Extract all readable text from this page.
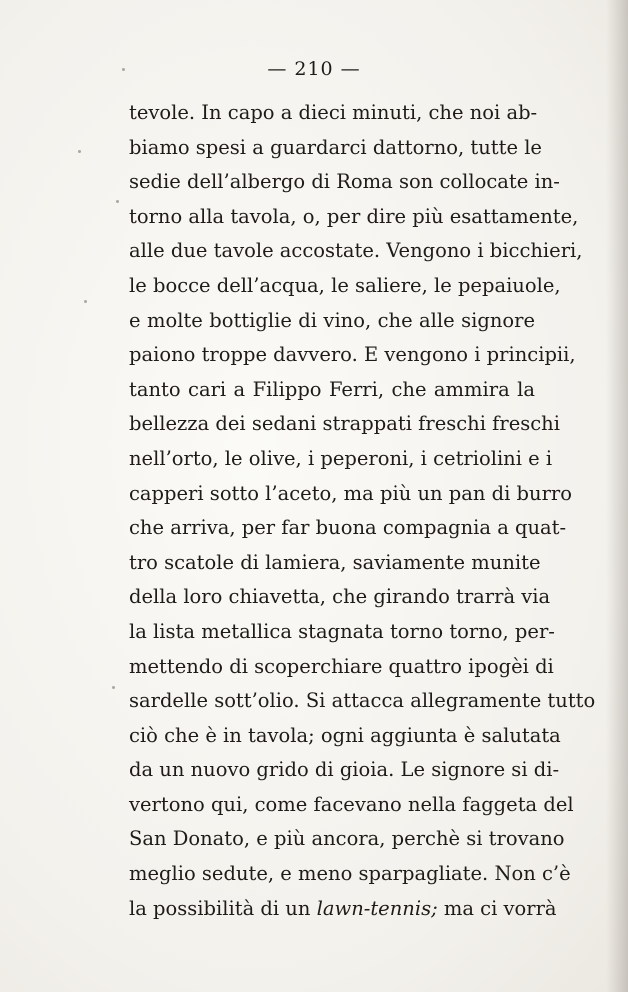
— 210 —
tevole. In capo a dieci minuti, che noi ab-
biamo spesi a guardarci dattorno, tutte le
sedie dell’albergo di Roma son collocate in-
torno alla tavola, o, per dire più esattamente,
alle due tavole accostate. Vengono i bicchieri,
le bocce dell’acqua, le saliere, le pepaiuole,
e molte bottiglie di vino, che alle signore
paiono troppe davvero. E vengono i principii,
tanto cari a Filippo Ferri, che ammira la
bellezza dei sedani strappati freschi freschi
nell’orto, le olive, i peperoni, i cetriolini e i
capperi sotto l’aceto, ma più un pan di burro
che arriva, per far buona compagnia a quat-
tro scatole di lamiera, saviamente munite
della loro chiavetta, che girando trarrà via
la lista metallica stagnata torno torno, per-
mettendo di scoperchiare quattro ipogèi di
sardelle sott’olio. Si attacca allegramente tutto
ciò che è in tavola; ogni aggiunta è salutata
da un nuovo grido di gioia. Le signore si di-
vertono qui, come facevano nella faggeta del
San Donato, e più ancora, perchè si trovano
meglio sedute, e meno sparpagliate. Non c’è
la possibilità di un lawn-tennis; ma ci vorrà
